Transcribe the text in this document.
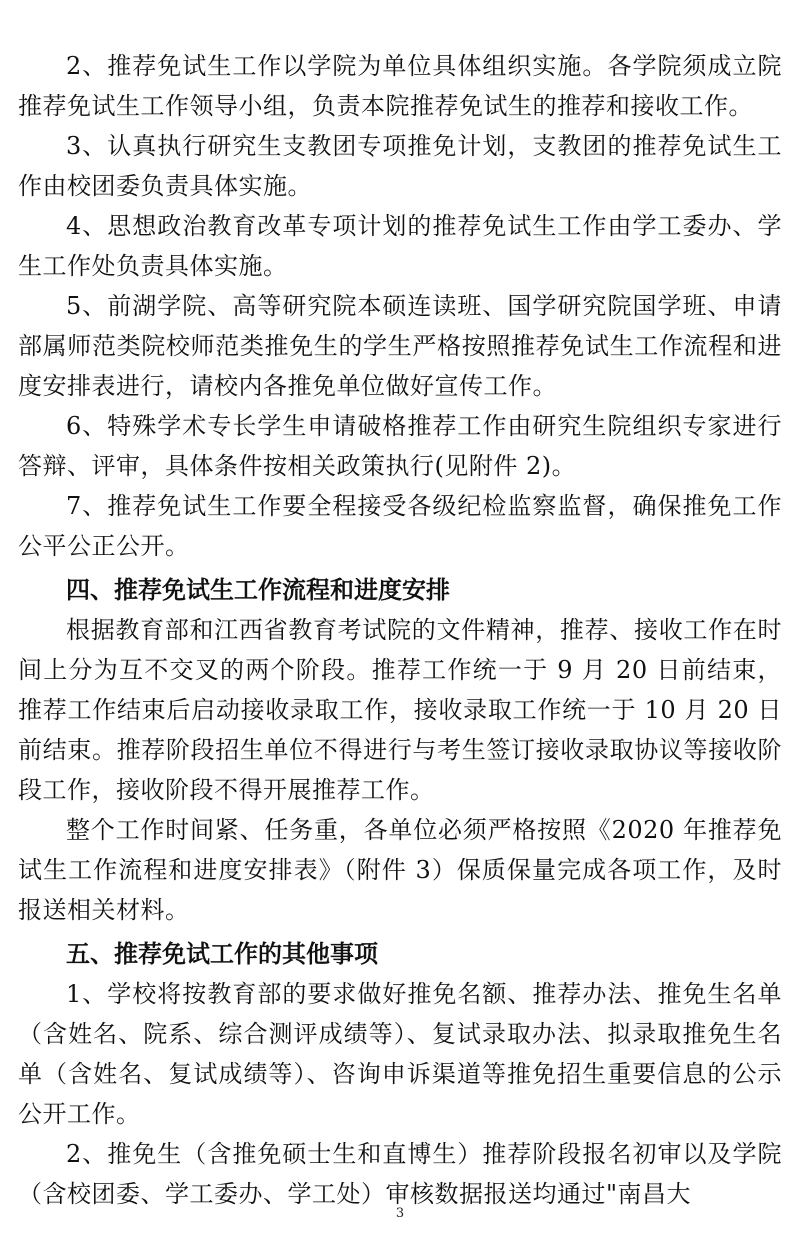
2、推荐免试生工作以学院为单位具体组织实施。各学院须成立院推荐免试生工作领导小组，负责本院推荐免试生的推荐和接收工作。

3、认真执行研究生支教团专项推免计划，支教团的推荐免试生工作由校团委负责具体实施。

4、思想政治教育改革专项计划的推荐免试生工作由学工委办、学生工作处负责具体实施。

5、前湖学院、高等研究院本硕连读班、国学研究院国学班、申请部属师范类院校师范类推免生的学生严格按照推荐免试生工作流程和进度安排表进行，请校内各推免单位做好宣传工作。

6、特殊学术专长学生申请破格推荐工作由研究生院组织专家进行答辩、评审，具体条件按相关政策执行(见附件 2)。

7、推荐免试生工作要全程接受各级纪检监察监督，确保推免工作公平公正公开。

四、推荐免试生工作流程和进度安排

根据教育部和江西省教育考试院的文件精神，推荐、接收工作在时间上分为互不交叉的两个阶段。推荐工作统一于 9 月 20 日前结束，推荐工作结束后启动接收录取工作，接收录取工作统一于 10 月 20 日前结束。推荐阶段招生单位不得进行与考生签订接收录取协议等接收阶段工作，接收阶段不得开展推荐工作。

整个工作时间紧、任务重，各单位必须严格按照《2020 年推荐免试生工作流程和进度安排表》（附件 3）保质保量完成各项工作，及时报送相关材料。

五、推荐免试工作的其他事项

1、学校将按教育部的要求做好推免名额、推荐办法、推免生名单（含姓名、院系、综合测评成绩等）、复试录取办法、拟录取推免生名单（含姓名、复试成绩等）、咨询申诉渠道等推免招生重要信息的公示公开工作。

2、推免生（含推免硕士生和直博生）推荐阶段报名初审以及学院（含校团委、学工委办、学工处）审核数据报送均通过"南昌大

3
